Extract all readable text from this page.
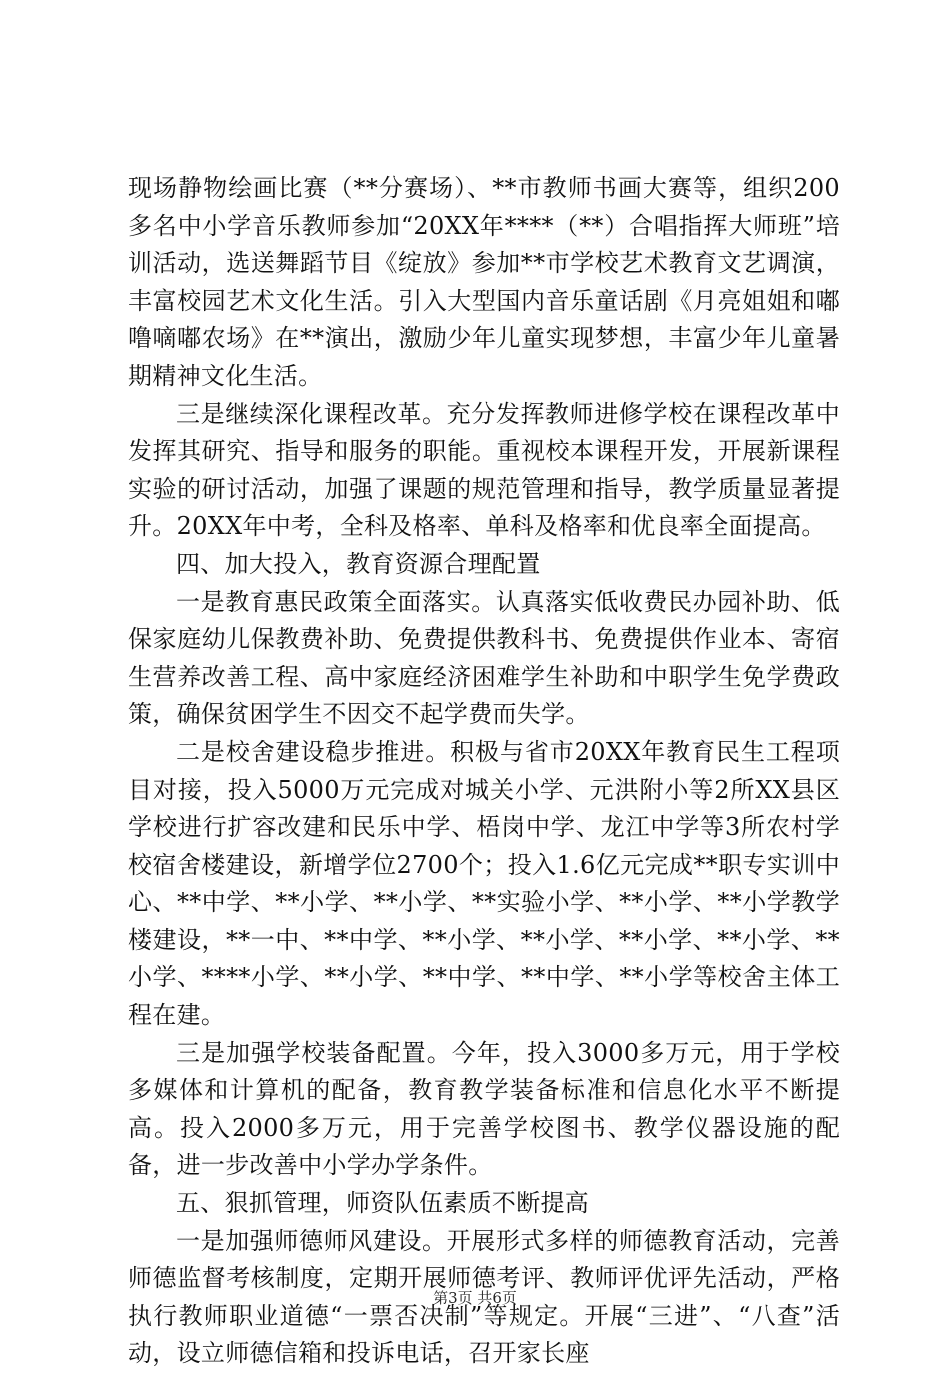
现场静物绘画比赛（**分赛场）、**市教师书画大赛等，组织200多名中小学音乐教师参加“20XX年****（**）合唱指挥大师班”培训活动，选送舞蹈节目《绽放》参加**市学校艺术教育文艺调演，丰富校园艺术文化生活。引入大型国内音乐童话剧《月亮姐姐和嘟噜嘀嘟农场》在**演出，激励少年儿童实现梦想，丰富少年儿童暑期精神文化生活。

三是继续深化课程改革。充分发挥教师进修学校在课程改革中发挥其研究、指导和服务的职能。重视校本课程开发，开展新课程实验的研讨活动，加强了课题的规范管理和指导，教学质量显著提升。20XX年中考，全科及格率、单科及格率和优良率全面提高。

四、加大投入，教育资源合理配置

一是教育惠民政策全面落实。认真落实低收费民办园补助、低保家庭幼儿保教费补助、免费提供教科书、免费提供作业本、寄宿生营养改善工程、高中家庭经济困难学生补助和中职学生免学费政策，确保贫困学生不因交不起学费而失学。

二是校舍建设稳步推进。积极与省市20XX年教育民生工程项目对接，投入5000万元完成对城关小学、元洪附小等2所XX县区学校进行扩容改建和民乐中学、梧岗中学、龙江中学等3所农村学校宿舍楼建设，新增学位2700个；投入1.6亿元完成**职专实训中心、**中学、**小学、**小学、**实验小学、**小学、**小学教学楼建设，**一中、**中学、**小学、**小学、**小学、**小学、**小学、****小学、**小学、**中学、**中学、**小学等校舍主体工程在建。

三是加强学校装备配置。今年，投入3000多万元，用于学校多媒体和计算机的配备，教育教学装备标准和信息化水平不断提高。投入2000多万元，用于完善学校图书、教学仪器设施的配备，进一步改善中小学办学条件。

五、狠抓管理，师资队伍素质不断提高

一是加强师德师风建设。开展形式多样的师德教育活动，完善师德监督考核制度，定期开展师德考评、教师评优评先活动，严格执行教师职业道德“一票否决制”等规定。开展“三进”、“八查”活动，设立师德信箱和投诉电话，召开家长座

第3页 共6页
